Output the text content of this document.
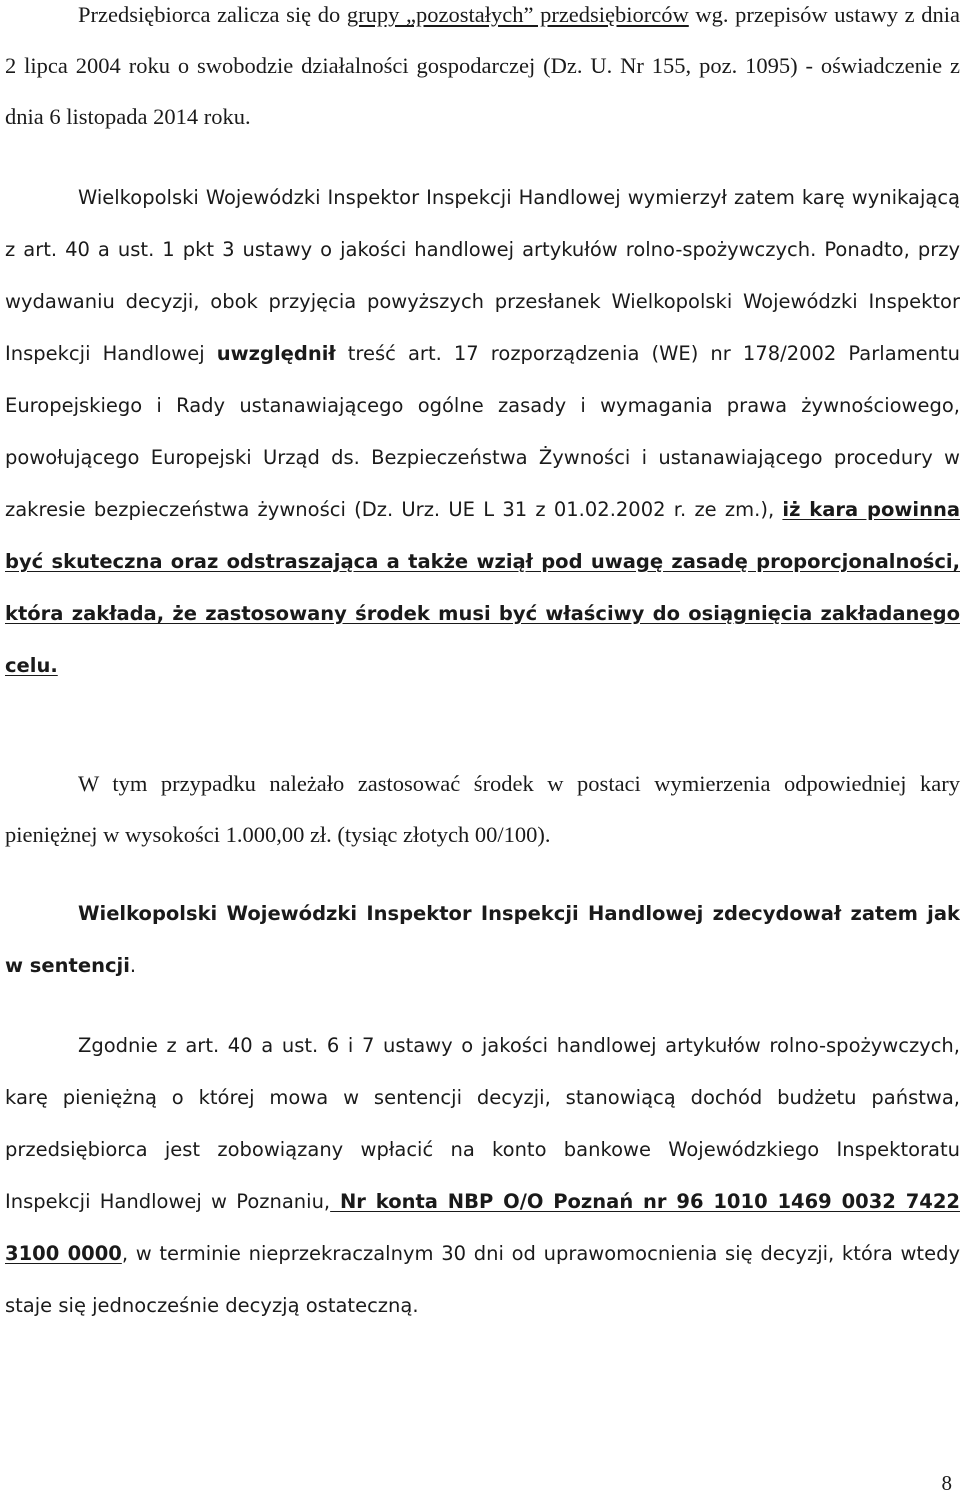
Przedsiębiorca zalicza się do grupy „pozostałych” przedsiębiorców wg. przepisów ustawy z dnia 2 lipca 2004 roku o swobodzie działalności gospodarczej (Dz. U. Nr 155, poz. 1095) - oświadczenie z dnia 6 listopada 2014 roku.

Wielkopolski Wojewódzki Inspektor Inspekcji Handlowej wymierzył zatem karę wynikającą z art. 40 a ust. 1 pkt 3 ustawy o jakości handlowej artykułów rolno-spożywczych. Ponadto, przy wydawaniu decyzji, obok przyjęcia powyższych przesłanek Wielkopolski Wojewódzki Inspektor Inspekcji Handlowej uwzględnił treść art. 17 rozporządzenia (WE) nr 178/2002 Parlamentu Europejskiego i Rady ustanawiającego ogólne zasady i wymagania prawa żywnościowego, powołującego Europejski Urząd ds. Bezpieczeństwa Żywności i ustanawiającego procedury w zakresie bezpieczeństwa żywności (Dz. Urz. UE L 31 z 01.02.2002 r. ze zm.), iż kara powinna być skuteczna oraz odstraszająca a także wziął pod uwagę zasadę proporcjonalności, która zakłada, że zastosowany środek musi być właściwy do osiągnięcia zakładanego celu.

W tym przypadku należało zastosować środek w postaci wymierzenia odpowiedniej kary pieniężnej w wysokości 1.000,00 zł. (tysiąc złotych 00/100).

Wielkopolski Wojewódzki Inspektor Inspekcji Handlowej zdecydował zatem jak w sentencji.

Zgodnie z art. 40 a ust. 6 i 7 ustawy o jakości handlowej artykułów rolno-spożywczych, karę pieniężną o której mowa w sentencji decyzji, stanowiącą dochód budżetu państwa, przedsiębiorca jest zobowiązany wpłacić na konto bankowe Wojewódzkiego Inspektoratu Inspekcji Handlowej w Poznaniu, Nr konta NBP O/O Poznań nr 96 1010 1469 0032 7422 3100 0000, w terminie nieprzekraczalnym 30 dni od uprawomocnienia się decyzji, która wtedy staje się jednocześnie decyzją ostateczną.

8
